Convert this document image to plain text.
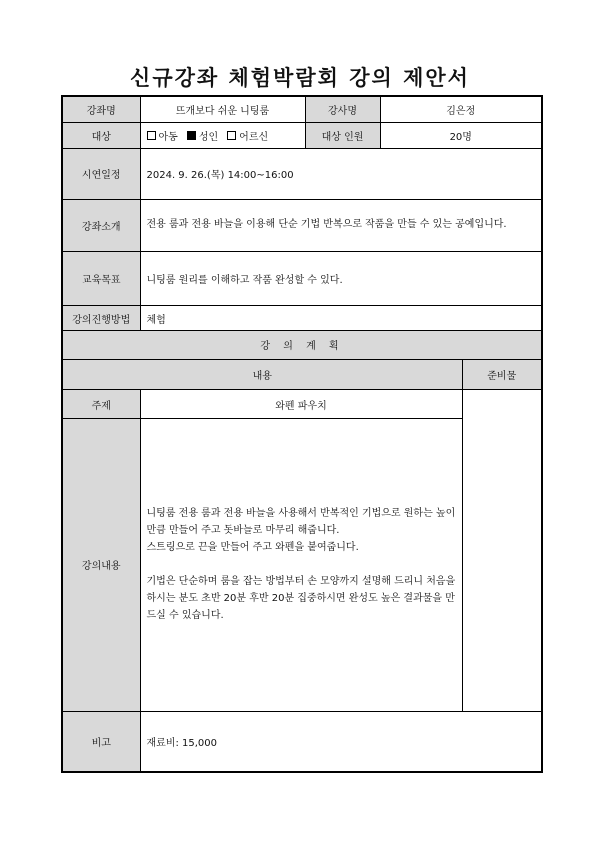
신규강좌 체험박람회 강의 제안서
강좌명	뜨개보다 쉬운 니팅룸	강사명	김은정	
대상	아동 성인 어르신	대상 인원	20명	
시연일정	2024. 9. 26.(목) 14:00~16:00			
강좌소개	전용 룸과 전용 바늘을 이용해 단순 기법 반복으로 작품을 만들 수 있는 공예입니다.			
교육목표	니팅룸 원리를 이해하고 작품 완성할 수 있다.			
강의진행방법	체험			
강 의 계 획				
내용				준비물
주제	와펜 파우치			
강의내용	니팅룸 전용 룸과 전용 바늘을 사용해서 반복적인 기법으로 원하는 높이만큼 만들어 주고 돗바늘로 마무리 해줍니다.

스트링으로 끈을 만들어 주고 와펜을 붙여줍니다.

기법은 단순하며 룸을 잡는 방법부터 손 모양까지 설명해 드리니 처음을 하시는 분도 초반 20분 후반 20분 집중하시면 완성도 높은 결과물을 만드실 수 있습니다.			

비고	재료비: 15,000			
